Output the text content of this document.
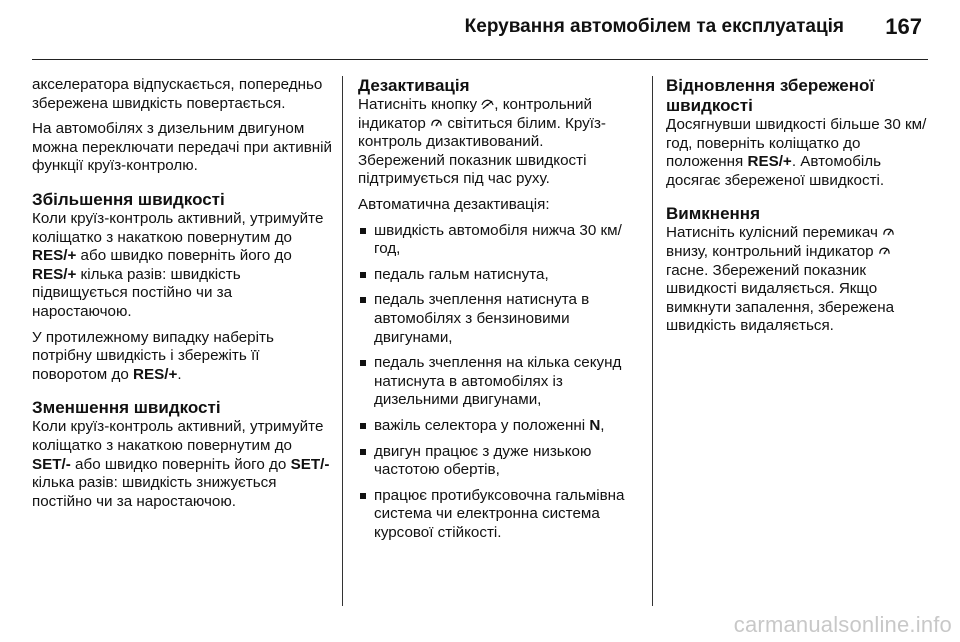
Керування автомобілем та експлуатація 167

акселератора відпускається, попередньо збережена швидкість повертається.

На автомобілях з дизельним двигуном можна переключати передачі при активній функції круїз-контролю.

Збільшення швидкості

Коли круїз-контроль активний, утримуйте коліщатко з накаткою повернутим до RES/+ або швидко поверніть його до RES/+ кілька разів: швидкість підвищується постійно чи за наростаючою.

У протилежному випадку наберіть потрібну швидкість і збережіть її поворотом до RES/+.

Зменшення швидкості

Коли круїз-контроль активний, утримуйте коліщатко з накаткою повернутим до SET/- або швидко поверніть його до SET/- кілька разів: швидкість знижується постійно чи за наростаючою.

Дезактивація

Натисніть кнопку , контрольний індикатор  світиться білим. Круїз-контроль дизактивований. Збережений показник швидкості підтримується під час руху.

Автоматична дезактивація:

швидкість автомобіля нижча 30 км/год,
педаль гальм натиснута,
педаль зчеплення натиснута в автомобілях з бензиновими двигунами,
педаль зчеплення на кілька секунд натиснута в автомобілях із дизельними двигунами,
важіль селектора у положенні N,
двигун працює з дуже низькою частотою обертів,
працює протибуксовочна гальмівна система чи електронна система курсової стійкості.
Відновлення збереженої швидкості

Досягнувши швидкості більше 30 км/год, поверніть коліщатко до положення RES/+. Автомобіль досягає збереженої швидкості.

Вимкнення

Натисніть кулісний перемикач  внизу, контрольний індикатор  гасне. Збережений показник швидкості видаляється. Якщо вимкнути запалення, збережена швидкість видаляється.

carmanualsonline.info
